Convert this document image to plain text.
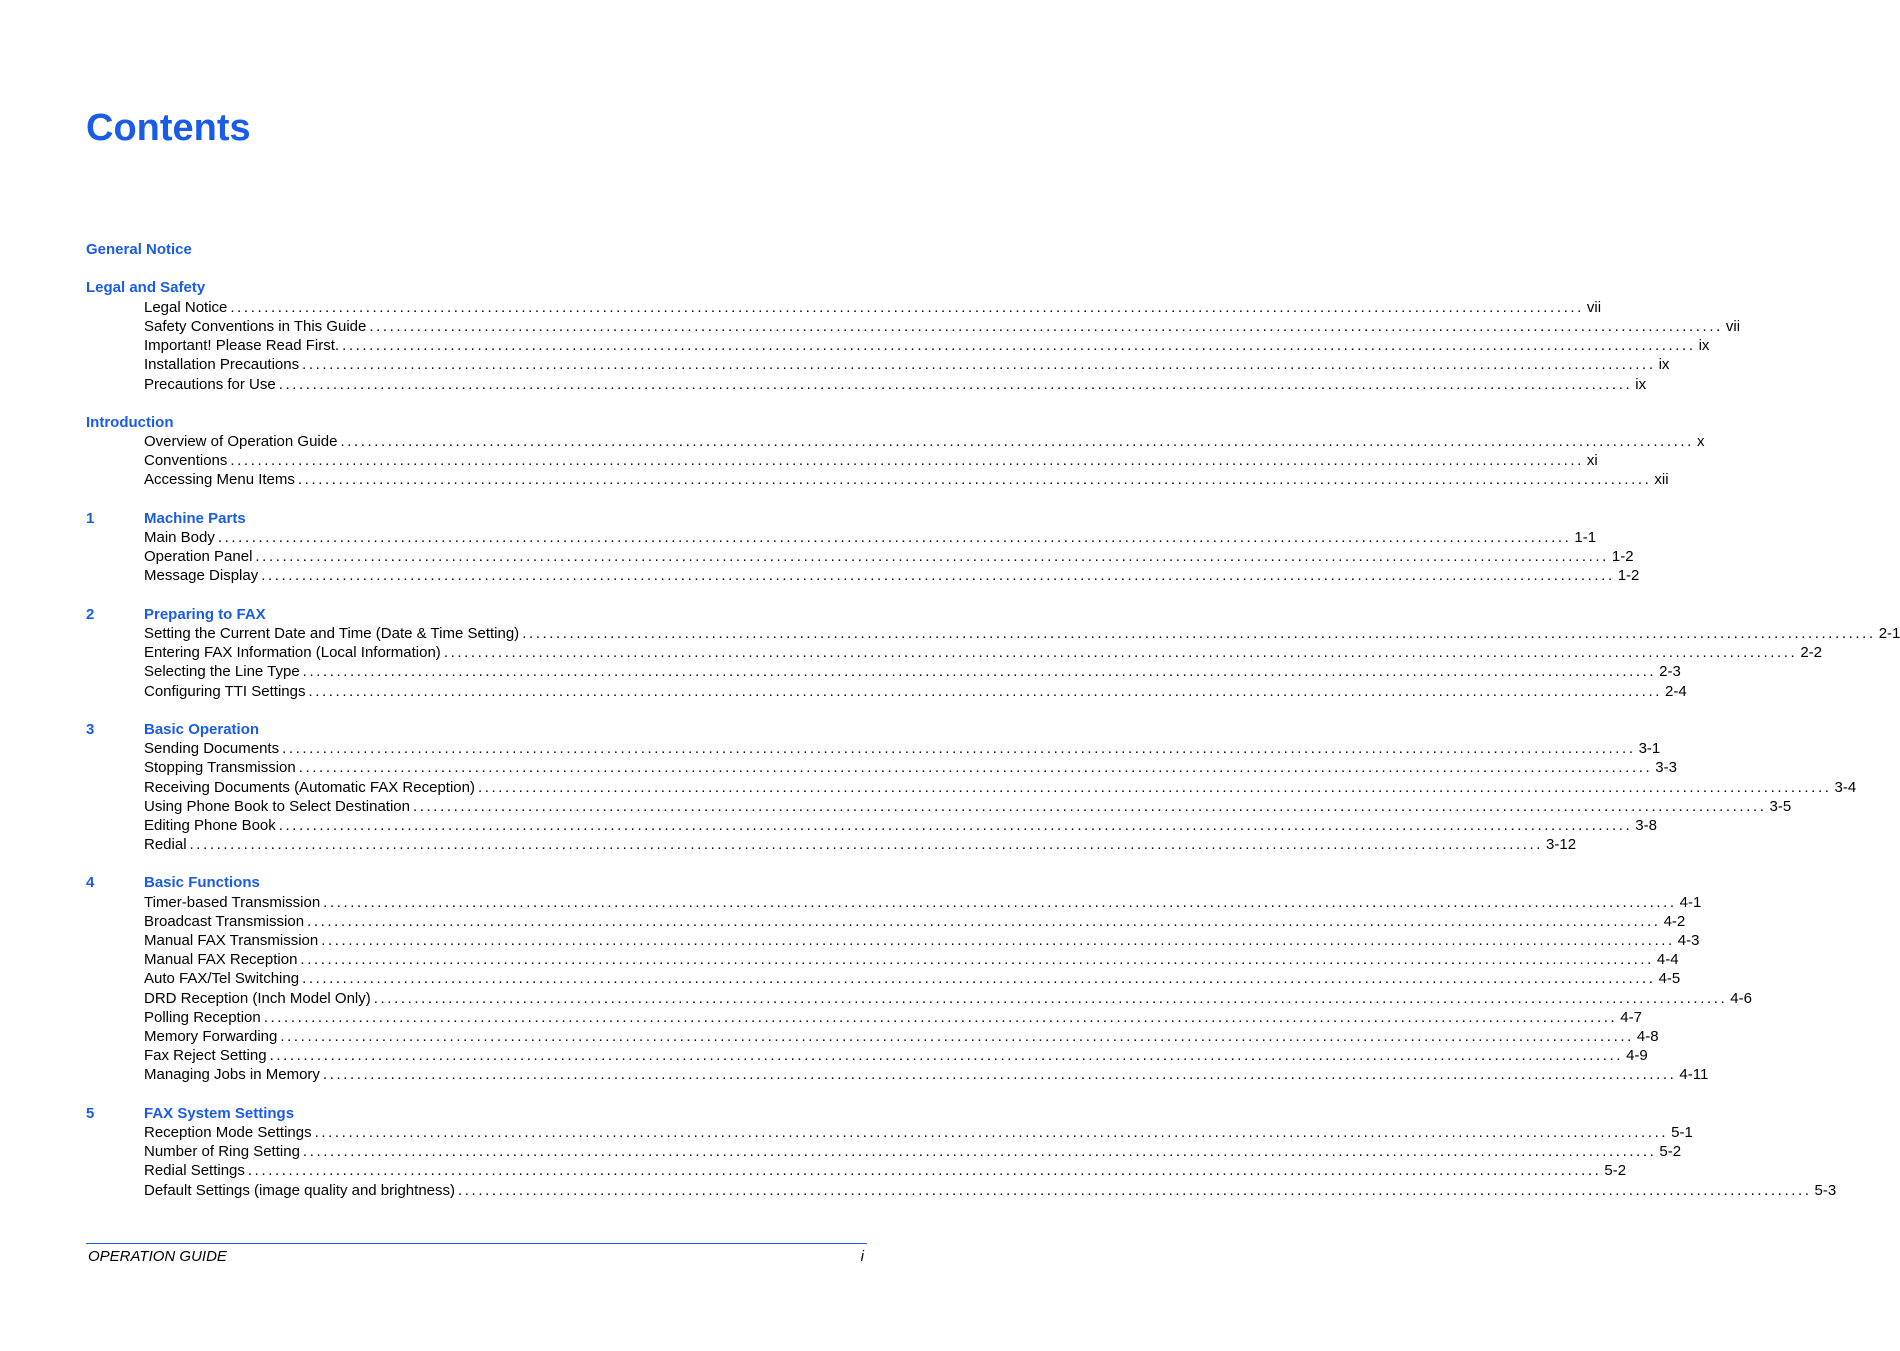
Contents
General Notice
Legal and Safety
Legal Notice ........................................................................................................................................................................................................ vii
Safety Conventions in This Guide ........................................................................................................................................................................................................ vii
Important! Please Read First. ........................................................................................................................................................................................................ ix
Installation Precautions ........................................................................................................................................................................................................ ix
Precautions for Use ........................................................................................................................................................................................................ ix
Introduction
Overview of Operation Guide ........................................................................................................................................................................................................ x
Conventions ........................................................................................................................................................................................................ xi
Accessing Menu Items ........................................................................................................................................................................................................ xii
1	Machine Parts
Main Body ........................................................................................................................................................................................................ 1-1
Operation Panel ........................................................................................................................................................................................................ 1-2
Message Display ........................................................................................................................................................................................................ 1-2
2	Preparing to FAX
Setting the Current Date and Time (Date & Time Setting) ........................................................................................................................................................................................................ 2-1
Entering FAX Information (Local Information) ........................................................................................................................................................................................................ 2-2
Selecting the Line Type ........................................................................................................................................................................................................ 2-3
Configuring TTI Settings ........................................................................................................................................................................................................ 2-4
3	Basic Operation
Sending Documents ........................................................................................................................................................................................................ 3-1
Stopping Transmission ........................................................................................................................................................................................................ 3-3
Receiving Documents (Automatic FAX Reception) ........................................................................................................................................................................................................ 3-4
Using Phone Book to Select Destination ........................................................................................................................................................................................................ 3-5
Editing Phone Book ........................................................................................................................................................................................................ 3-8
Redial ........................................................................................................................................................................................................ 3-12
4	Basic Functions
Timer-based Transmission ........................................................................................................................................................................................................ 4-1
Broadcast Transmission ........................................................................................................................................................................................................ 4-2
Manual FAX Transmission ........................................................................................................................................................................................................ 4-3
Manual FAX Reception ........................................................................................................................................................................................................ 4-4
Auto FAX/Tel Switching ........................................................................................................................................................................................................ 4-5
DRD Reception (Inch Model Only) ........................................................................................................................................................................................................ 4-6
Polling Reception ........................................................................................................................................................................................................ 4-7
Memory Forwarding ........................................................................................................................................................................................................ 4-8
Fax Reject Setting ........................................................................................................................................................................................................ 4-9
Managing Jobs in Memory ........................................................................................................................................................................................................ 4-11
5	FAX System Settings
Reception Mode Settings ........................................................................................................................................................................................................ 5-1
Number of Ring Setting ........................................................................................................................................................................................................ 5-2
Redial Settings ........................................................................................................................................................................................................ 5-2
Default Settings (image quality and brightness) ........................................................................................................................................................................................................ 5-3
OPERATION GUIDE	i
